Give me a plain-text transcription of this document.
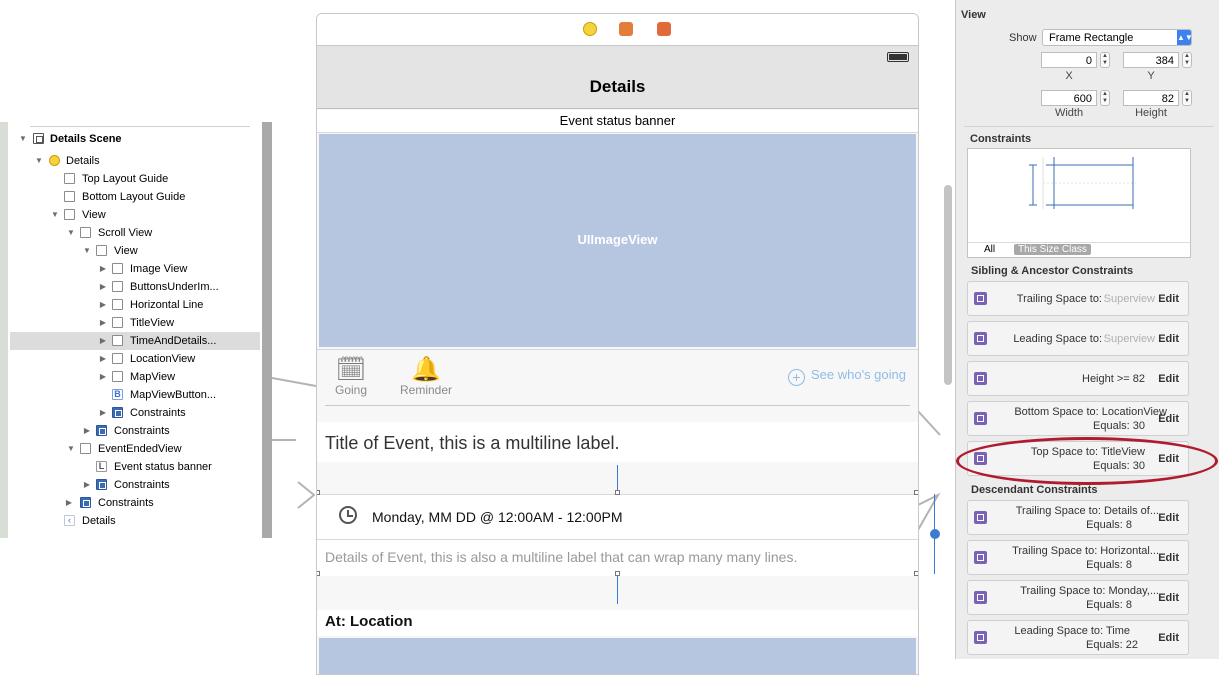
▼ Details Scene
▼ Details
Top Layout Guide
Bottom Layout Guide
▼ View
▼ Scroll View
▼ View
▶ Image View
▶ ButtonsUnderIm...
▶ Horizontal Line
▶ TitleView
▶ TimeAndDetails...
▶ LocationView
▶ MapView
B MapViewButton...
▶ Constraints
▶ Constraints
▼ EventEndedView
L Event status banner
▶ Constraints
▶ Constraints
‹	Details
Details
Event status banner
UIImageView
🗓
Going
🔔
Reminder
+ See who's going
Title of Event, this is a multiline label.
Monday, MM DD @ 12:00AM - 12:00PM
Details of Event, this is also a multiline label that can wrap many many lines.
At: Location
View
Show	Frame Rectangle	▲▼
0	▲
▼	384	▲
▼
X	Y
600	▲
▼	82	▲
▼
Width	Height
Constraints
All	This Size Class
Sibling & Ancestor Constraints
Trailing Space to: Superview Edit
Leading Space to: Superview Edit
Height >= 82 Edit
Bottom Space to: LocationView
Equals: 30
Edit
Top Space to: TitleView
Equals: 30
Edit
Descendant Constraints
Trailing Space to: Details of...
Equals: 8
Edit
Trailing Space to: Horizontal...
Equals: 8
Edit
Trailing Space to: Monday,...
Equals: 8
Edit
Leading Space to: Time
Equals: 22
Edit
